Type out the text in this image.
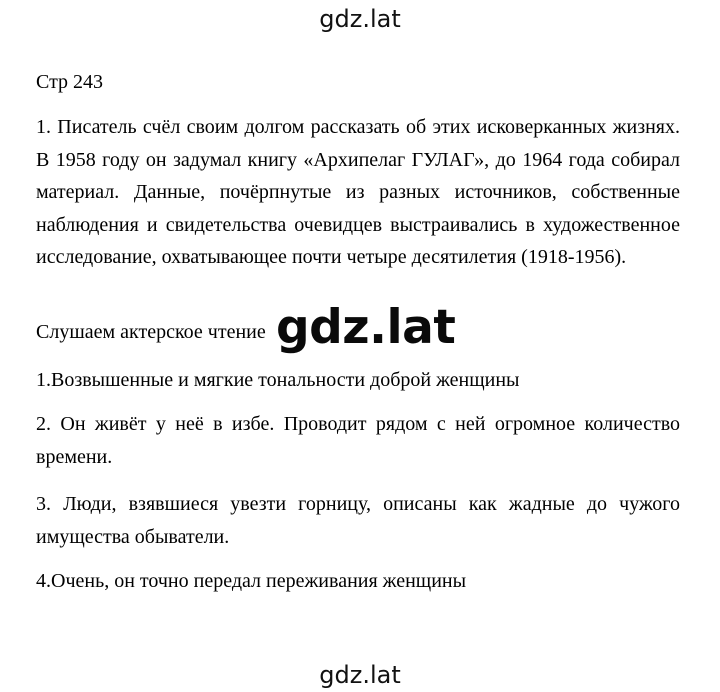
gdz.lat
Стр 243

1. Писатель счёл своим долгом рассказать об этих исковерканных жизнях. В 1958 году он задумал книгу «Архипелаг ГУЛАГ», до 1964 года собирал материал. Данные, почёрпнутые из разных источников, собственные наблюдения и свидетельства очевидцев выстраивались в художественное исследование, охватывающее почти четыре десятилетия (1918-1956).

Слушаем актерское чтение

1.Возвышенные и мягкие тональности доброй женщины

2. Он живёт у неё в избе. Проводит рядом с ней огромное количество времени.

3. Люди, взявшиеся увезти горницу, описаны как жадные до чужого имущества обыватели.

4.Очень, он точно передал переживания женщины

gdz.lat
gdz.lat
